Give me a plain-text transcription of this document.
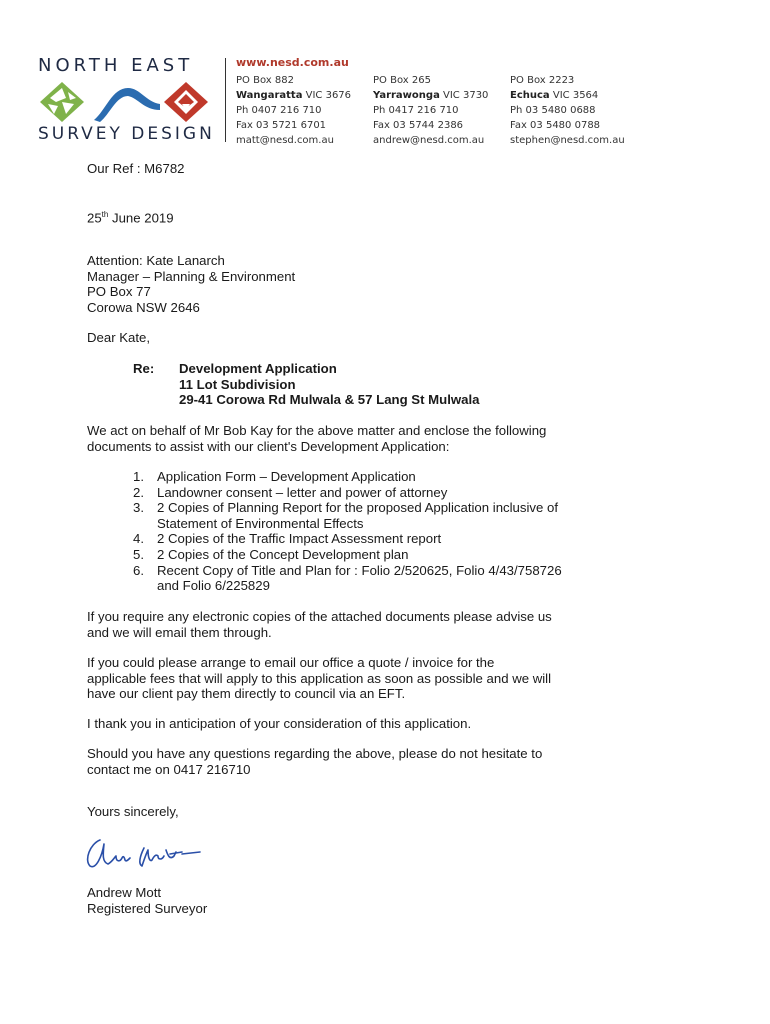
NORTH EAST
SURVEY DESIGN
www.nesd.com.au
PO Box 882
Wangaratta VIC 3676
Ph 0407 216 710
Fax 03 5721 6701
matt@nesd.com.au
PO Box 265
Yarrawonga VIC 3730
Ph 0417 216 710
Fax 03 5744 2386
andrew@nesd.com.au
PO Box 2223
Echuca VIC 3564
Ph 03 5480 0688
Fax 03 5480 0788
stephen@nesd.com.au
Our Ref : M6782
25th June 2019
Attention: Kate Lanarch
Manager – Planning & Environment
PO Box 77
Corowa NSW 2646
Dear Kate,
Re: Development Application
11 Lot Subdivision
29-41 Corowa Rd Mulwala & 57 Lang St Mulwala
We act on behalf of Mr Bob Kay for the above matter and enclose the following
documents to assist with our client's Development Application:
1. Application Form – Development Application
2. Landowner consent – letter and power of attorney
3. 2 Copies of Planning Report for the proposed Application inclusive of
Statement of Environmental Effects
4. 2 Copies of the Traffic Impact Assessment report
5. 2 Copies of the Concept Development plan
6. Recent Copy of Title and Plan for : Folio 2/520625, Folio 4/43/758726
and Folio 6/225829
If you require any electronic copies of the attached documents please advise us
and we will email them through.
If you could please arrange to email our office a quote / invoice for the
applicable fees that will apply to this application as soon as possible and we will
have our client pay them directly to council via an EFT.
I thank you in anticipation of your consideration of this application.
Should you have any questions regarding the above, please do not hesitate to
contact me on 0417 216710
Yours sincerely,
Andrew Mott
Registered Surveyor
